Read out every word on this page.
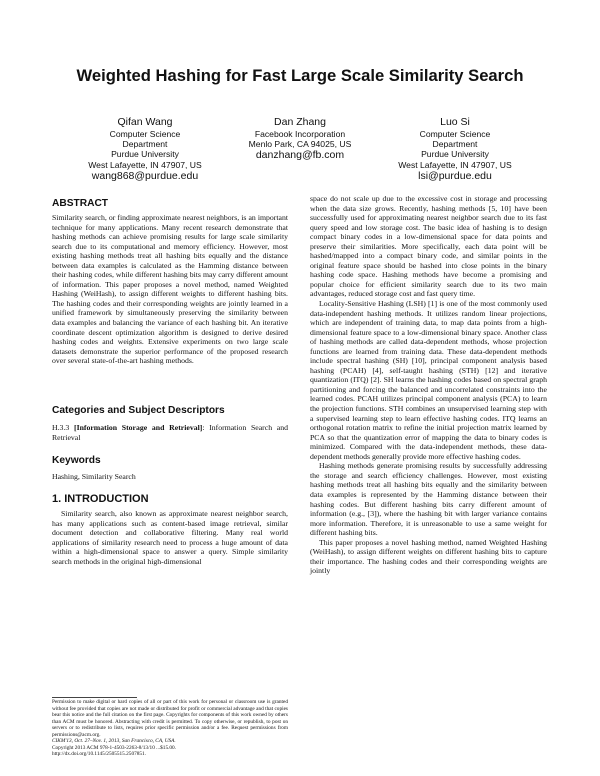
Weighted Hashing for Fast Large Scale Similarity Search
Qifan Wang
Computer Science
Department
Purdue University
West Lafayette, IN 47907, US
wang868@purdue.edu
Dan Zhang
Facebook Incorporation
Menlo Park, CA 94025, US
danzhang@fb.com
Luo Si
Computer Science
Department
Purdue University
West Lafayette, IN 47907, US
lsi@purdue.edu
ABSTRACT

Similarity search, or finding approximate nearest neighbors, is an important technique for many applications. Many recent research demonstrate that hashing methods can achieve promising results for large scale similarity search due to its computational and memory efficiency. However, most existing hashing methods treat all hashing bits equally and the distance between data examples is calculated as the Hamming distance between their hashing codes, while different hashing bits may carry different amount of information. This paper proposes a novel method, named Weighted Hashing (WeiHash), to assign different weights to different hashing bits. The hashing codes and their corresponding weights are jointly learned in a unified framework by simultaneously preserving the similarity between data examples and balancing the variance of each hashing bit. An iterative coordinate descent optimization algorithm is designed to derive desired hashing codes and weights. Extensive experiments on two large scale datasets demonstrate the superior performance of the proposed research over several state-of-the-art hashing methods.

Categories and Subject Descriptors

H.3.3 [Information Storage and Retrieval]: Information Search and Retrieval

Keywords

Hashing, Similarity Search

1. INTRODUCTION

Similarity search, also known as approximate nearest neighbor search, has many applications such as content-based image retrieval, similar document detection and collaborative filtering. Many real world applications of similarity research need to process a huge amount of data within a high-dimensional space to answer a query. Simple similarity search methods in the original high-dimensional

Permission to make digital or hard copies of all or part of this work for personal or classroom use is granted without fee provided that copies are not made or distributed for profit or commercial advantage and that copies bear this notice and the full citation on the first page. Copyrights for components of this work owned by others than ACM must be honored. Abstracting with credit is permitted. To copy otherwise, or republish, to post on servers or to redistribute to lists, requires prior specific permission and/or a fee. Request permissions from permissions@acm.org.

CIKM'13, Oct. 27–Nov. 1, 2013, San Francisco, CA, USA.

Copyright 2013 ACM 978-1-4503-2263-8/13/10 ...$15.00.

http://dx.doi.org/10.1145/2505515.2507851.

space do not scale up due to the excessive cost in storage and processing when the data size grows. Recently, hashing methods [5, 10] have been successfully used for approximating nearest neighbor search due to its fast query speed and low storage cost. The basic idea of hashing is to design compact binary codes in a low-dimensional space for data points and preserve their similarities. More specifically, each data point will be hashed/mapped into a compact binary code, and similar points in the original feature space should be hashed into close points in the binary hashing code space. Hashing methods have become a promising and popular choice for efficient similarity search due to its two main advantages, reduced storage cost and fast query time.

Locality-Sensitive Hashing (LSH) [1] is one of the most commonly used data-independent hashing methods. It utilizes random linear projections, which are independent of training data, to map data points from a high-dimensional feature space to a low-dimensional binary space. Another class of hashing methods are called data-dependent methods, whose projection functions are learned from training data. These data-dependent methods include spectral hashing (SH) [10], principal component analysis based hashing (PCAH) [4], self-taught hashing (STH) [12] and iterative quantization (ITQ) [2]. SH learns the hashing codes based on spectral graph partitioning and forcing the balanced and uncorrelated constraints into the learned codes. PCAH utilizes principal component analysis (PCA) to learn the projection functions. STH combines an unsupervised learning step with a supervised learning step to learn effective hashing codes. ITQ learns an orthogonal rotation matrix to refine the initial projection matrix learned by PCA so that the quantization error of mapping the data to binary codes is minimized. Compared with the data-independent methods, these data-dependent methods generally provide more effective hashing codes.

Hashing methods generate promising results by successfully addressing the storage and search efficiency challenges. However, most existing hashing methods treat all hashing bits equally and the similarity between data examples is represented by the Hamming distance between their hashing codes. But different hashing bits carry different amount of information (e.g., [3]), where the hashing bit with larger variance contains more information. Therefore, it is unreasonable to use a same weight for different hashing bits.

This paper proposes a novel hashing method, named Weighted Hashing (WeiHash), to assign different weights on different hashing bits to capture their importance. The hashing codes and their corresponding weights are jointly
